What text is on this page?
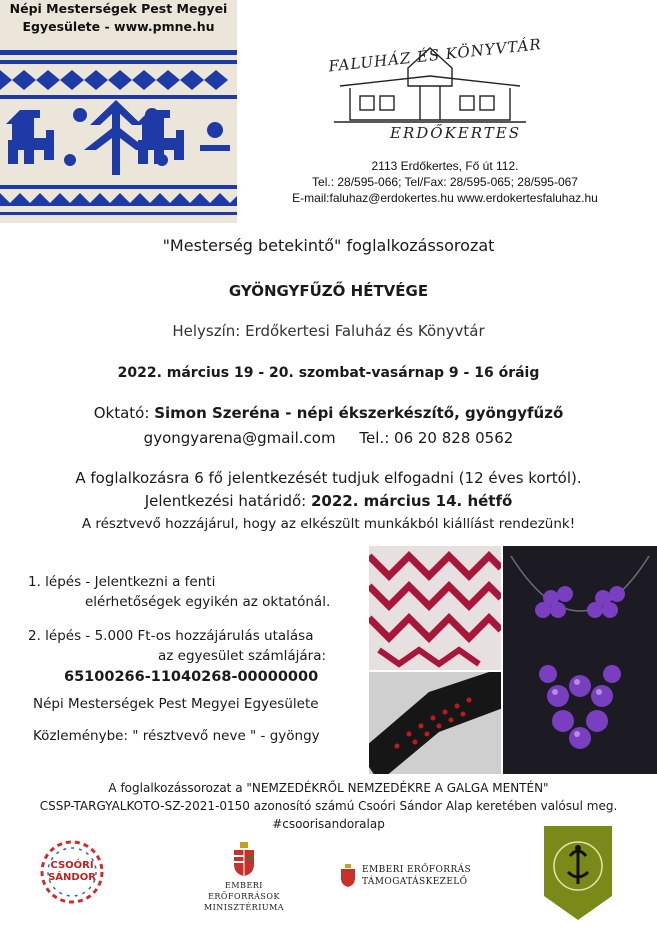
Népi Mesterségek Pest Megyei
Egyesülete - www.pmne.hu
FALUHÁZ ÉS KÖNYVTÁR
ERDŐKERTES
2113 Erdőkertes, Fő út 112.
Tel.: 28/595-066; Tel/Fax: 28/595-065; 28/595-067
E-mail:faluhaz@erdokertes.hu www.erdokertesfaluhaz.hu
"Mesterség betekintő" foglalkozássorozat
GYÖNGYFŰZŐ HÉTVÉGE
Helyszín: Erdőkertesi Faluház és Könyvtár
2022. március 19 - 20. szombat-vasárnap 9 - 16 óráig
Oktató: Simon Szeréna - népi ékszerkészítő, gyöngyfűző
gyongyarena@gmail.com Tel.: 06 20 828 0562
A foglalkozásra 6 fő jelentkezését tudjuk elfogadni (12 éves kortól).
Jelentkezési határidő: 2022. március 14. hétfő
A résztvevő hozzájárul, hogy az elkészült munkákból kiállíást rendezünk!
1. lépés - Jelentkezni a fenti
elérhetőségek egyikén az oktatónál.
2. lépés - 5.000 Ft-os hozzájárulás utalása
az egyesület számlájára:
65100266-11040268-00000000
Népi Mesterségek Pest Megyei Egyesülete
Közleménybe: " résztvevő neve " - gyöngy
A foglalkozássorozat a "NEMZEDÉKRŐL NEMZEDÉKRE A GALGA MENTÉN"
CSSP-TARGYALKOTO-SZ-2021-0150 azonosító számú Csoóri Sándor Alap keretében valósul meg.
#csoorisandoralap
CSOÓRI
SÁNDOR
EMBERI ERŐFORRÁSOK
MINISZTÉRIUMA
EMBERI ERŐFORRÁS
TÁMOGATÁSKEZELŐ
